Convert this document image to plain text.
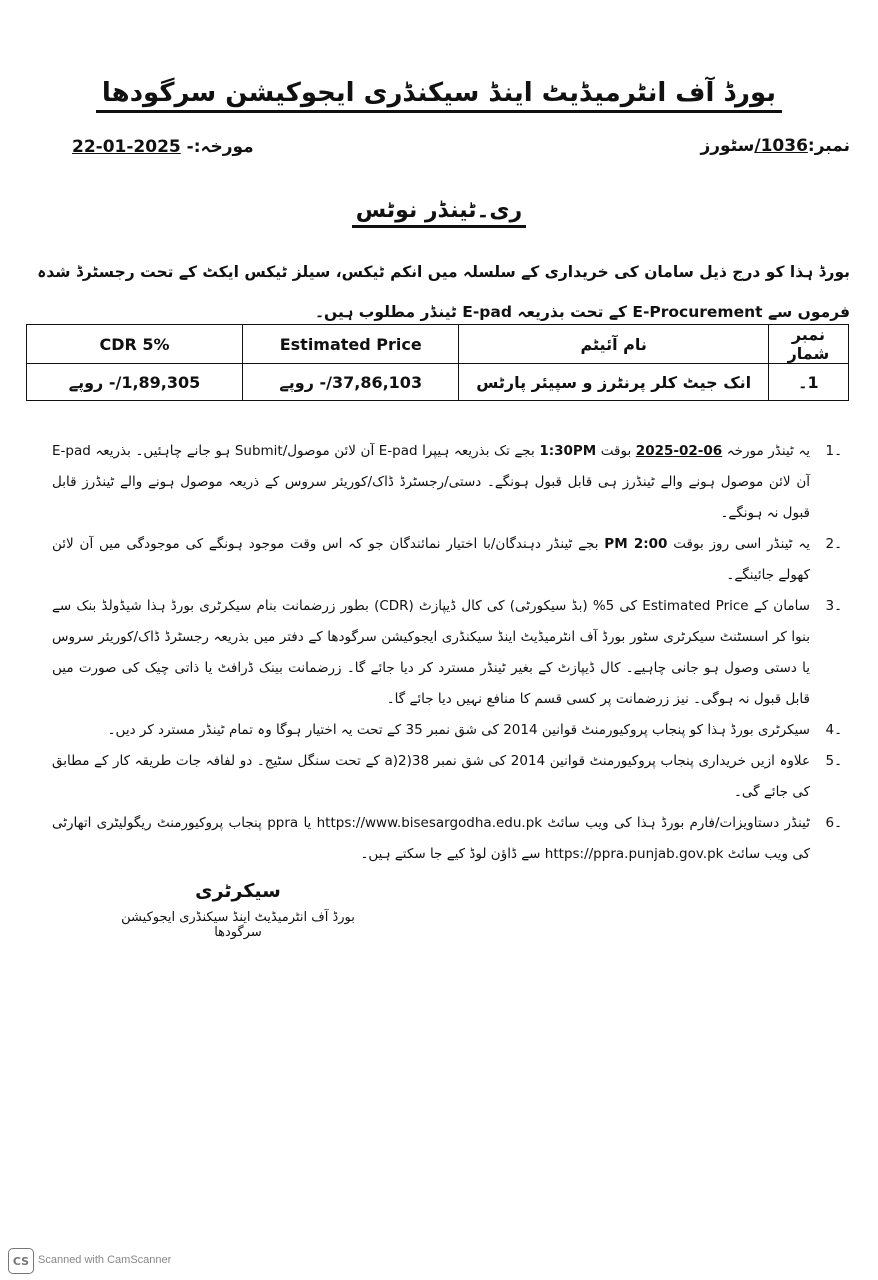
بورڈ آف انٹرمیڈیٹ اینڈ سیکنڈری ایجوکیشن سرگودھا
نمبر:1036/سٹورز
مورخہ:- 22-01-2025
ری۔ٹینڈر نوٹس
بورڈ ہذا کو درج ذیل سامان کی خریداری کے سلسلہ میں انکم ٹیکس، سیلز ٹیکس ایکٹ کے تحت رجسٹرڈ شدہ فرموں سے E-Procurement کے تحت بذریعہ E-pad ٹینڈر مطلوب ہیں۔
نمبر شمار	نام آئیٹم	Estimated Price	5% CDR
1۔	انک جیٹ کلر پرنٹرز و سپیئر پارٹس	37,86,103/- روپے	1,89,305/- روپے
1۔
یہ ٹینڈر مورخہ 06-02-2025 بوقت 1:30PM بجے تک بذریعہ ہیپرا E-pad آن لائن موصول/Submit ہو جانے چاہئیں۔ بذریعہ E-pad آن لائن موصول ہونے والے ٹینڈرز ہی قابل قبول ہونگے۔ دستی/رجسٹرڈ ڈاک/کوریئر سروس کے ذریعہ موصول ہونے والے ٹینڈرز قابل قبول نہ ہونگے۔
2۔
یہ ٹینڈر اسی روز بوقت 2:00 PM بجے ٹینڈر دہندگان/با اختیار نمائندگان جو کہ اس وقت موجود ہونگے کی موجودگی میں آن لائن کھولے جائینگے۔
3۔
سامان کے Estimated Price کی 5% (بڈ سیکورٹی) کی کال ڈیپازٹ (CDR) بطور زرضمانت بنام سیکرٹری بورڈ ہذا شیڈولڈ بنک سے بنوا کر اسسٹنٹ سیکرٹری سٹور بورڈ آف انٹرمیڈیٹ اینڈ سیکنڈری ایجوکیشن سرگودھا کے دفتر میں بذریعہ رجسٹرڈ ڈاک/کوریئر سروس یا دستی وصول ہو جانی چاہیے۔ کال ڈیپازٹ کے بغیر ٹینڈر مسترد کر دیا جائے گا۔ زرضمانت بینک ڈرافٹ یا ذاتی چیک کی صورت میں قابل قبول نہ ہوگی۔ نیز زرضمانت پر کسی قسم کا منافع نہیں دیا جائے گا۔
4۔
سیکرٹری بورڈ ہذا کو پنجاب پروکیورمنٹ قوانین 2014 کی شق نمبر 35 کے تحت یہ اختیار ہوگا وہ تمام ٹینڈر مسترد کر دیں۔
5۔
علاوہ ازیں خریداری پنجاب پروکیورمنٹ قوانین 2014 کی شق نمبر 38(2(a کے تحت سنگل سٹیج۔ دو لفافہ جات طریقہ کار کے مطابق کی جائے گی۔
6۔
ٹینڈر دستاویزات/فارم بورڈ ہذا کی ویب سائٹ https://www.bisesargodha.edu.pk یا ppra پنجاب پروکیورمنٹ ریگولیٹری اتھارٹی کی ویب سائٹ https://ppra.punjab.gov.pk سے ڈاؤن لوڈ کیے جا سکتے ہیں۔
سیکرٹری
بورڈ آف انٹرمیڈیٹ اینڈ سیکنڈری ایجوکیشن سرگودھا
CS Scanned with CamScanner
